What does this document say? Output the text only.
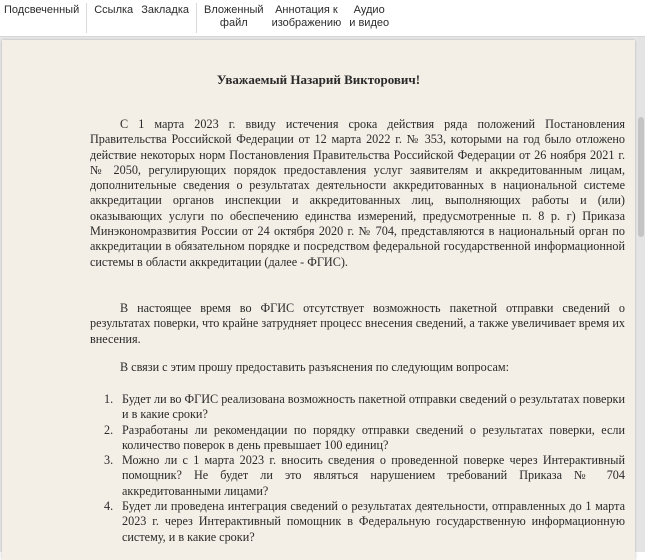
Подсвеченный	Ссылка Закладка	Вложенный
файл
Аннотация к
изображению
Аудио
и видео
Уважаемый Назарий Викторович!
С 1 марта 2023 г. ввиду истечения срока действия ряда положений Постановления Правительства Российской Федерации от 12 марта 2022 г. № 353, которыми на год было отложено действие некоторых норм Постановления Правительства Российской Федерации от 26 ноября 2021 г. № 2050, регулирующих порядок предоставления услуг заявителям и аккредитованным лицам, дополнительные сведения о результатах деятельности аккредитованных в национальной системе аккредитации органов инспекции и аккредитованных лиц, выполняющих работы и (или) оказывающих услуги по обеспечению единства измерений, предусмотренные п. 8 р. г) Приказа Минэкономразвития России от 24 октября 2020 г. № 704, представляются в национальный орган по аккредитации в обязательном порядке и посредством федеральной государственной информационной системы в области аккредитации (далее - ФГИС).
В настоящее время во ФГИС отсутствует возможность пакетной отправки сведений о результатах поверки, что крайне затрудняет процесс внесения сведений, а также увеличивает время их внесения.
В связи с этим прошу предоставить разъяснения по следующим вопросам:
1. Будет ли во ФГИС реализована возможность пакетной отправки сведений о результатах поверки и в какие сроки?
2. Разработаны ли рекомендации по порядку отправки сведений о результатах поверки, если количество поверок в день превышает 100 единиц?
3. Можно ли с 1 марта 2023 г. вносить сведения о проведенной поверке через Интерактивный помощник? Не будет ли это являться нарушением требований Приказа № 704 аккредитованными лицами?
4. Будет ли проведена интеграция сведений о результатах деятельности, отправленных до 1 марта 2023 г. через Интерактивный помощник в Федеральную государственную информационную систему, и в какие сроки?
